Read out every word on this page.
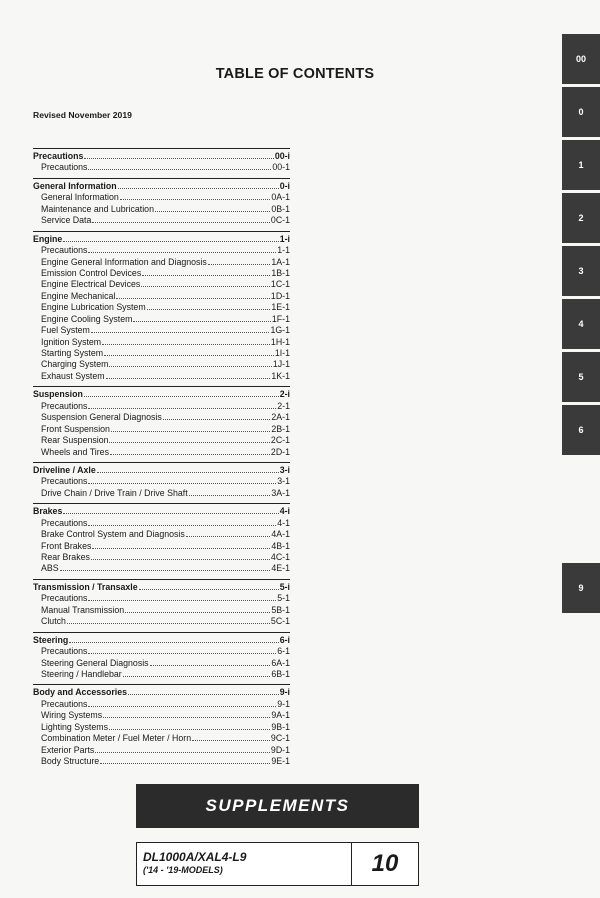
TABLE OF CONTENTS
Revised November 2019
Precautions	00-i
Precautions	00-1
General Information	0-i
General Information	0A-1
Maintenance and Lubrication	0B-1
Service Data	0C-1
Engine	1-i
Precautions	1-1
Engine General Information and Diagnosis	1A-1
Emission Control Devices	1B-1
Engine Electrical Devices	1C-1
Engine Mechanical	1D-1
Engine Lubrication System	1E-1
Engine Cooling System	1F-1
Fuel System	1G-1
Ignition System	1H-1
Starting System	1I-1
Charging System	1J-1
Exhaust System	1K-1
Suspension	2-i
Precautions	2-1
Suspension General Diagnosis	2A-1
Front Suspension	2B-1
Rear Suspension	2C-1
Wheels and Tires	2D-1
Driveline / Axle	3-i
Precautions	3-1
Drive Chain / Drive Train / Drive Shaft	3A-1
Brakes	4-i
Precautions	4-1
Brake Control System and Diagnosis	4A-1
Front Brakes	4B-1
Rear Brakes	4C-1
ABS	4E-1
Transmission / Transaxle	5-i
Precautions	5-1
Manual Transmission	5B-1
Clutch	5C-1
Steering	6-i
Precautions	6-1
Steering General Diagnosis	6A-1
Steering / Handlebar	6B-1
Body and Accessories	9-i
Precautions	9-1
Wiring Systems	9A-1
Lighting Systems	9B-1
Combination Meter / Fuel Meter / Horn	9C-1
Exterior Parts	9D-1
Body Structure	9E-1
00
0
1
2
3
4
5
6
9
SUPPLEMENTS
DL1000A/XAL4-L9
('14 - '19-MODELS)	10
